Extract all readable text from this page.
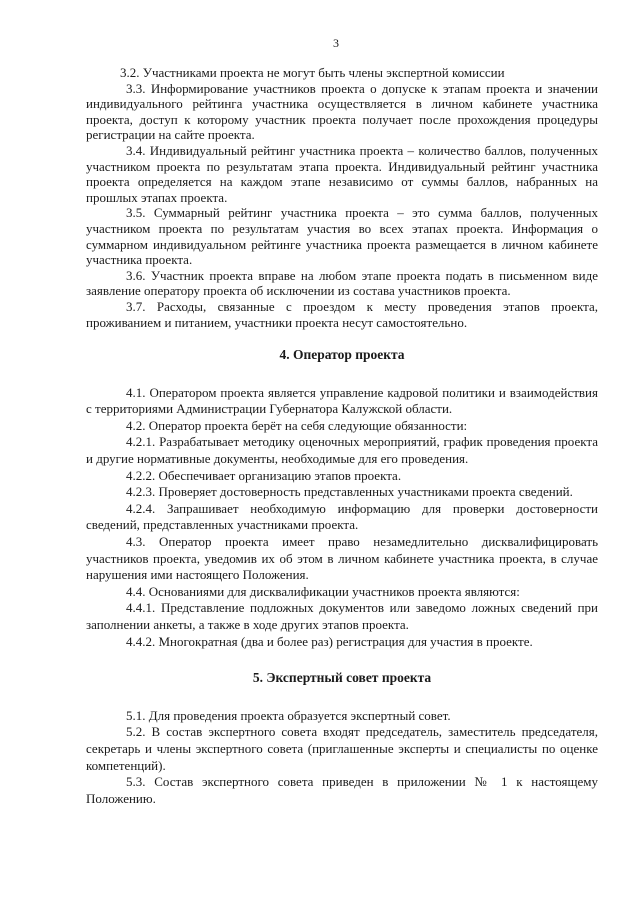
3

3.2. Участниками проекта не могут быть члены экспертной комиссии

3.3. Информирование участников проекта о допуске к этапам проекта и значении индивидуального рейтинга участника осуществляется в личном кабинете участника проекта, доступ к которому участник проекта получает после прохождения процедуры регистрации на сайте проекта.

3.4. Индивидуальный рейтинг участника проекта – количество баллов, полученных участником проекта по результатам этапа проекта. Индивидуальный рейтинг участника проекта определяется на каждом этапе независимо от суммы баллов, набранных на прошлых этапах проекта.

3.5. Суммарный рейтинг участника проекта – это сумма баллов, полученных участником проекта по результатам участия во всех этапах проекта. Информация о суммарном индивидуальном рейтинге участника проекта размещается в личном кабинете участника проекта.

3.6. Участник проекта вправе на любом этапе проекта подать в письменном виде заявление оператору проекта об исключении из состава участников проекта.

3.7. Расходы, связанные с проездом к месту проведения этапов проекта, проживанием и питанием, участники проекта несут самостоятельно.

4. Оператор проекта

4.1. Оператором проекта является управление кадровой политики и взаимодействия с территориями Администрации Губернатора Калужской области.

4.2. Оператор проекта берёт на себя следующие обязанности:

4.2.1. Разрабатывает методику оценочных мероприятий, график проведения проекта и другие нормативные документы, необходимые для его проведения.

4.2.2. Обеспечивает организацию этапов проекта.

4.2.3. Проверяет достоверность представленных участниками проекта сведений.

4.2.4. Запрашивает необходимую информацию для проверки достоверности сведений, представленных участниками проекта.

4.3. Оператор проекта имеет право незамедлительно дисквалифицировать участников проекта, уведомив их об этом в личном кабинете участника проекта, в случае нарушения ими настоящего Положения.

4.4. Основаниями для дисквалификации участников проекта являются:

4.4.1. Представление подложных документов или заведомо ложных сведений при заполнении анкеты, а также в ходе других этапов проекта.

4.4.2. Многократная (два и более раз) регистрация для участия в проекте.

5. Экспертный совет проекта

5.1. Для проведения проекта образуется экспертный совет.

5.2. В состав экспертного совета входят председатель, заместитель председателя, секретарь и члены экспертного совета (приглашенные эксперты и специалисты по оценке компетенций).

5.3. Состав экспертного совета приведен в приложении № 1 к настоящему Положению.
